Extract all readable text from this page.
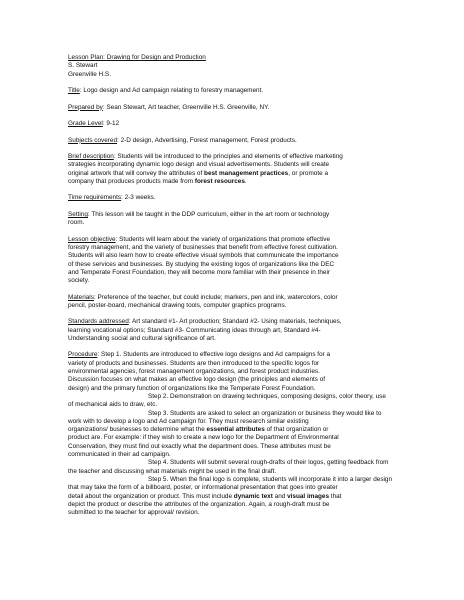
Lesson Plan: Drawing for Design and Production
S. Stewart
Greenville H.S.
Title: Logo design and Ad campaign relating to forestry management.
Prepared by: Sean Stewart, Art teacher, Greenville H.S. Greenville, NY.
Grade Level: 9-12
Subjects covered: 2-D design, Advertising, Forest management, Forest products.
Brief description: Students will be introduced to the principles and elements of effective marketing
strategies incorporating dynamic logo design and visual advertisements. Students will create
original artwork that will convey the attributes of best management practices, or promote a
company that produces products made from forest resources.
Time requirements: 2-3 weeks.
Setting: This lesson will be taught in the DDP curriculum, either in the art room or technology
room.
Lesson objective: Students will learn about the variety of organizations that promote effective
forestry management, and the variety of businesses that benefit from effective forest cultivation.
Students will also learn how to create effective visual symbols that communicate the importance
of these services and businesses. By studying the existing logos of organizations like the DEC
and Temperate Forest Foundation, they will become more familiar with their presence in their
society.
Materials: Preference of the teacher, but could include; markers, pen and ink, watercolors, color
pencil, poster-board, mechanical drawing tools, computer graphics programs.
Standards addressed: Art standard #1- Art production; Standard #2- Using materials, techniques,
learning vocational options; Standard #3- Communicating ideas through art, Standard #4-
Understanding social and cultural significance of art.
Procedure: Step 1. Students are introduced to effective logo designs and Ad campaigns for a
variety of products and businesses. Students are then introduced to the specific logos for
environmental agencies, forest management organizations, and forest product industries.
Discussion focuses on what makes an effective logo design (the principles and elements of
design) and the primary function of organizations like the Temperate Forest Foundation.
Step 2. Demonstration on drawing techniques, composing designs, color theory, use
of mechanical aids to draw, etc.
Step 3. Students are asked to select an organization or business they would like to
work with to develop a logo and Ad campaign for. They must research similar existing
organizations/ businesses to determine what the essential attributes of that organization or
product are. For example: if they wish to create a new logo for the Department of Environmental
Conservation, they must find out exactly what the department does. These attributes must be
communicated in their ad campaign.
Step 4. Students will submit several rough-drafts of their logos, getting feedback from
the teacher and discussing what materials might be used in the final draft.
Step 5. When the final logo is complete, students will incorporate it into a larger design
that may take the form of a billboard, poster, or informational presentation that goes into greater
detail about the organization or product. This must include dynamic text and visual images that
depict the product or describe the attributes of the organization. Again, a rough-draft must be
submitted to the teacher for approval/ revision.
